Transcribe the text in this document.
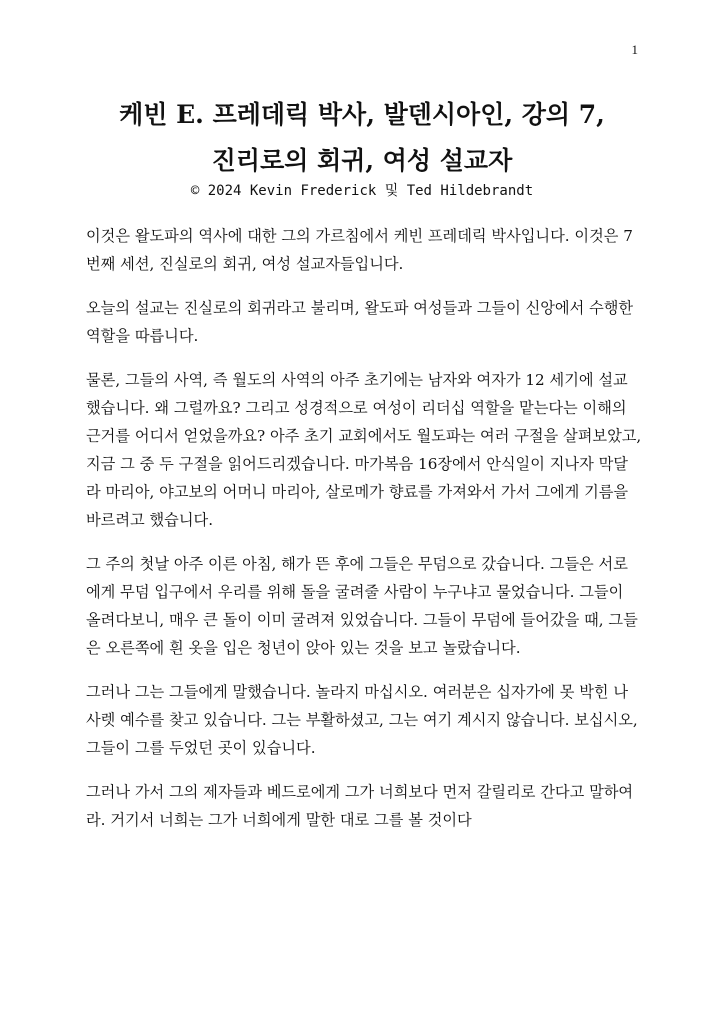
1
케빈 E. 프레데릭 박사, 발덴시아인, 강의 7,
진리로의 회귀, 여성 설교자
© 2024 Kevin Frederick 및 Ted Hildebrandt

이것은 왈도파의 역사에 대한 그의 가르침에서 케빈 프레데릭 박사입니다. 이것은 7번째 세션, 진실로의 회귀, 여성 설교자들입니다.

오늘의 설교는 진실로의 회귀라고 불리며, 왈도파 여성들과 그들이 신앙에서 수행한 역할을 따릅니다.

물론, 그들의 사역, 즉 월도의 사역의 아주 초기에는 남자와 여자가 12 세기에 설교했습니다. 왜 그럴까요? 그리고 성경적으로 여성이 리더십 역할을 맡는다는 이해의 근거를 어디서 얻었을까요? 아주 초기 교회에서도 월도파는 여러 구절을 살펴보았고, 지금 그 중 두 구절을 읽어드리겠습니다. 마가복음 16장에서 안식일이 지나자 막달라 마리아, 야고보의 어머니 마리아, 살로메가 향료를 가져와서 가서 그에게 기름을 바르려고 했습니다.

그 주의 첫날 아주 이른 아침, 해가 뜬 후에 그들은 무덤으로 갔습니다. 그들은 서로에게 무덤 입구에서 우리를 위해 돌을 굴려줄 사람이 누구냐고 물었습니다. 그들이 올려다보니, 매우 큰 돌이 이미 굴려져 있었습니다. 그들이 무덤에 들어갔을 때, 그들은 오른쪽에 흰 옷을 입은 청년이 앉아 있는 것을 보고 놀랐습니다.

그러나 그는 그들에게 말했습니다. 놀라지 마십시오. 여러분은 십자가에 못 박힌 나사렛 예수를 찾고 있습니다. 그는 부활하셨고, 그는 여기 계시지 않습니다. 보십시오, 그들이 그를 두었던 곳이 있습니다.

그러나 가서 그의 제자들과 베드로에게 그가 너희보다 먼저 갈릴리로 간다고 말하여라. 거기서 너희는 그가 너희에게 말한 대로 그를 볼 것이다
